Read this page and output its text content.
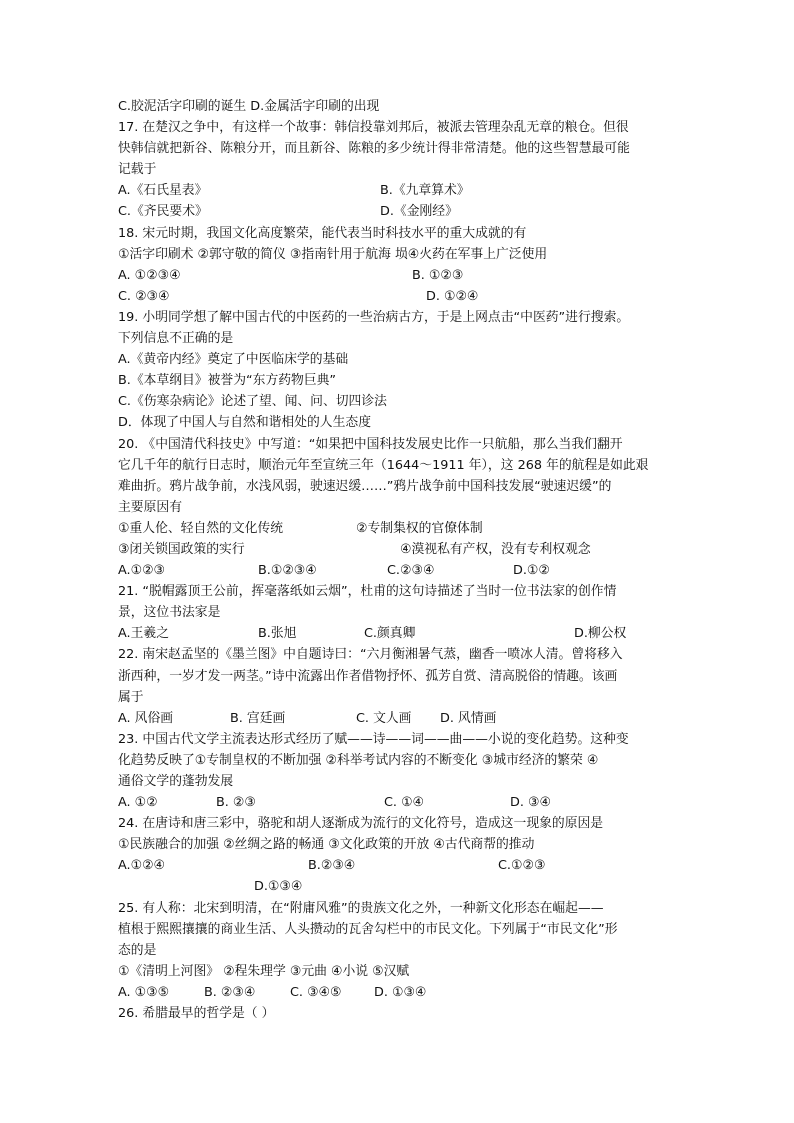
C.胶泥活字印刷的诞生 D.金属活字印刷的出现
17. 在楚汉之争中，有这样一个故事：韩信投靠刘邦后，被派去管理杂乱无章的粮仓。但很
快韩信就把新谷、陈粮分开，而且新谷、陈粮的多少统计得非常清楚。他的这些智慧最可能
记载于
A.《石氏星表》	B.《九章算术》
C.《齐民要术》	D.《金刚经》
18. 宋元时期，我国文化高度繁荣，能代表当时科技水平的重大成就的有
①活字印刷术 ②郭守敬的简仪 ③指南针用于航海 埙④火药在军事上广泛使用
A. ①②③④	B. ①②③
C. ②③④	D. ①②④
19. 小明同学想了解中国古代的中医药的一些治病古方，于是上网点击“中医药”进行搜索。
下列信息不正确的是
A.《黄帝内经》奠定了中医临床学的基础
B.《本草纲目》被誉为“东方药物巨典”
C.《伤寒杂病论》论述了望、闻、问、切四诊法
D．体现了中国人与自然和谐相处的人生态度
20. 《中国清代科技史》中写道：“如果把中国科技发展史比作一只航船，那么当我们翻开
它几千年的航行日志时，顺治元年至宣统三年（1644～1911 年），这 268 年的航程是如此艰
难曲折。鸦片战争前，水浅风弱，驶速迟缓……”鸦片战争前中国科技发展“驶速迟缓”的
主要原因有
①重人伦、轻自然的文化传统	②专制集权的官僚体制
③闭关锁国政策的实行	④漠视私有产权，没有专利权观念
A.①②③	B.①②③④	C.②③④	D.①②
21. “脱帽露顶王公前，挥毫落纸如云烟”，杜甫的这句诗描述了当时一位书法家的创作情
景，这位书法家是
A.王羲之	B.张旭	C.颜真卿	D.柳公权
22. 南宋赵孟坚的《墨兰图》中自题诗曰：“六月衡湘暑气蒸，幽香一喷冰人清。曾将移入
浙西种，一岁才发一两茎。”诗中流露出作者借物抒怀、孤芳自赏、清高脱俗的情趣。该画
属于
A. 风俗画	B. 宫廷画	C. 文人画 D. 风情画
23. 中国古代文学主流表达形式经历了赋——诗——词——曲——小说的变化趋势。这种变
化趋势反映了①专制皇权的不断加强 ②科举考试内容的不断变化 ③城市经济的繁荣 ④
通俗文学的蓬勃发展
A. ①②	B. ②③	C. ①④	D. ③④
24. 在唐诗和唐三彩中，骆驼和胡人逐渐成为流行的文化符号，造成这一现象的原因是
①民族融合的加强 ②丝绸之路的畅通 ③文化政策的开放 ④古代商帮的推动
A.①②④	B.②③④	C.①②③
D.①③④
25. 有人称：北宋到明清，在“附庸风雅”的贵族文化之外，一种新文化形态在崛起——
植根于熙熙攘攘的商业生活、人头攒动的瓦舍勾栏中的市民文化。下列属于“市民文化”形
态的是
①《清明上河图》 ②程朱理学 ③元曲 ④小说 ⑤汉赋
A. ①③⑤	B. ②③④	C. ③④⑤	D. ①③④
26. 希腊最早的哲学是（ ）
